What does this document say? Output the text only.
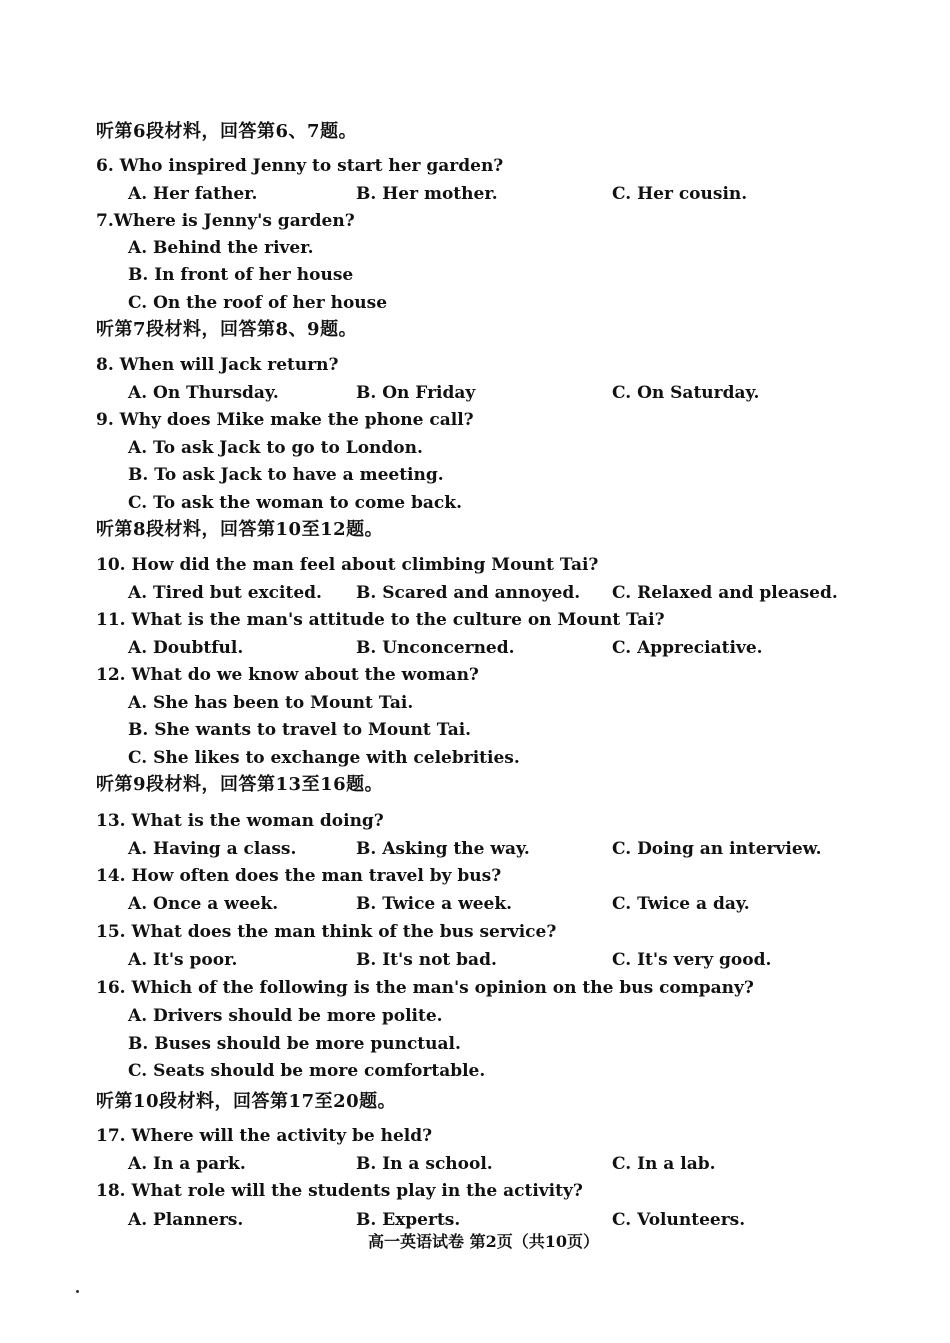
听第6段材料，回答第6、7题。
6. Who inspired Jenny to start her garden?
A. Her father.	B. Her mother.	C. Her cousin.
7.Where is Jenny's garden?
A. Behind the river.
B. In front of her house
C. On the roof of her house
听第7段材料，回答第8、9题。
8. When will Jack return?
A. On Thursday.	B. On Friday	C. On Saturday.
9. Why does Mike make the phone call?
A. To ask Jack to go to London.
B. To ask Jack to have a meeting.
C. To ask the woman to come back.
听第8段材料，回答第10至12题。
10. How did the man feel about climbing Mount Tai?
A. Tired but excited. B. Scared and annoyed. C. Relaxed and pleased.
11. What is the man's attitude to the culture on Mount Tai?
A. Doubtful.	B. Unconcerned.	C. Appreciative.
12. What do we know about the woman?
A. She has been to Mount Tai.
B. She wants to travel to Mount Tai.
C. She likes to exchange with celebrities.
听第9段材料，回答第13至16题。
13. What is the woman doing?
A. Having a class.	B. Asking the way.	C. Doing an interview.
14. How often does the man travel by bus?
A. Once a week.	B. Twice a week.	C. Twice a day.
15. What does the man think of the bus service?
A. It's poor.	B. It's not bad.	C. It's very good.
16. Which of the following is the man's opinion on the bus company?
A. Drivers should be more polite.
B. Buses should be more punctual.
C. Seats should be more comfortable.
听第10段材料，回答第17至20题。
17. Where will the activity be held?
A. In a park.	B. In a school.	C. In a lab.
18. What role will the students play in the activity?
A. Planners.	B. Experts.	C. Volunteers.
高一英语试卷 第2页（共10页）
